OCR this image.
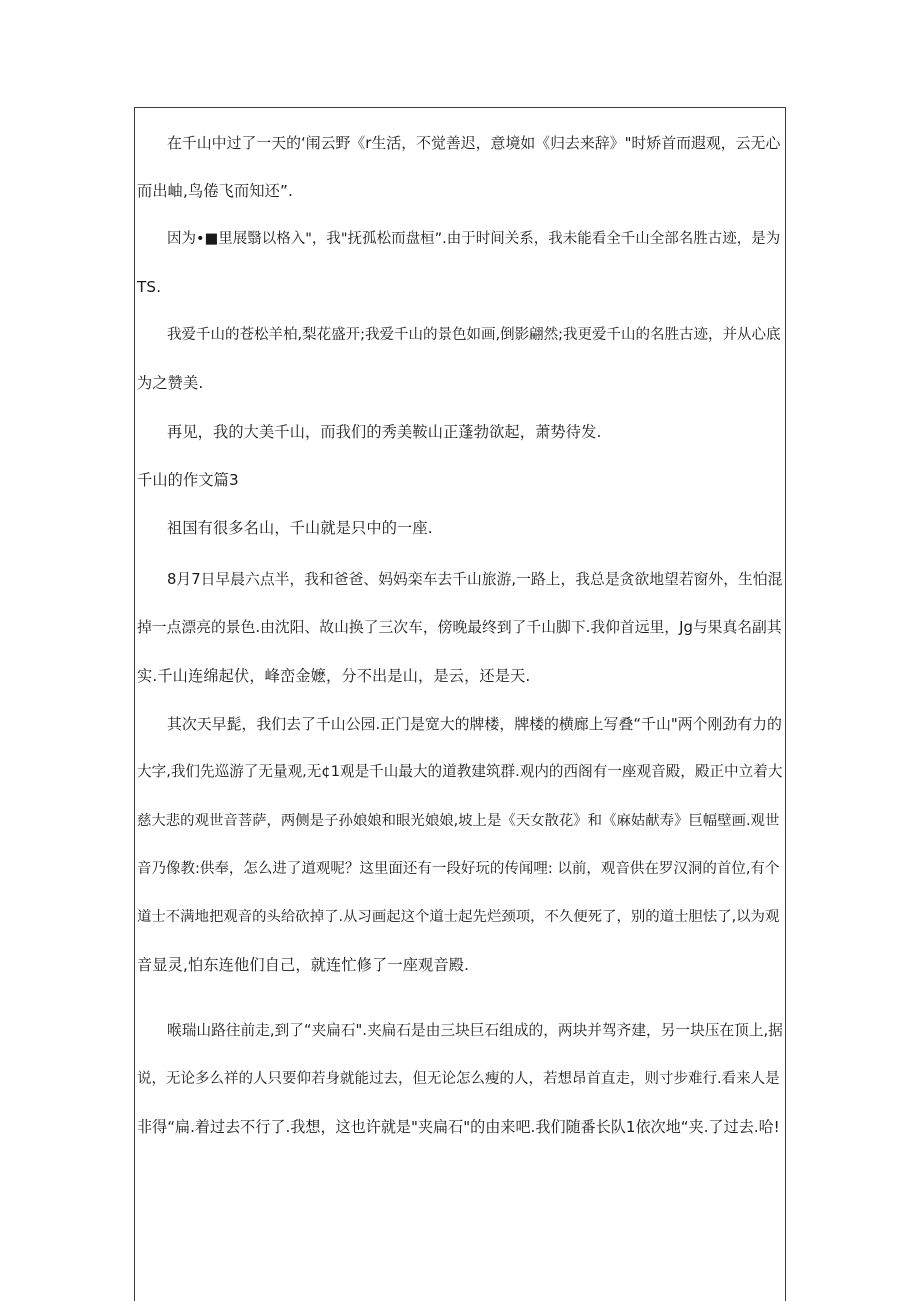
在千山中过了一天的‘闱云野《r生活，不觉善迟，意境如《归去来辞》"时矫首而遐观，云无心
而出岫,鸟倦飞而知还”.
因为•■里展翳以格入"，我"抚孤松而盘桓”.由于时间关系，我未能看全千山全部名胜古迹，是为
TS.
我爱千山的苍松羊柏,梨花盛开;我爱千山的景色如画,倒影翩然;我更爱千山的名胜古迹，并从心底
为之赞美.
再见，我的大美千山，而我们的秀美鞍山正蓬勃欲起，萧势待发.
千山的作文篇3
祖国有很多名山，千山就是只中的一座.
8月7日早晨六点半，我和爸爸、妈妈栾车去千山旅游,一路上，我总是贪欲地望若窗外，生怕混
掉一点漂亮的景色.由沈阳、故山换了三次车，傍晚最终到了千山脚下.我仰首远里，Jg与果真名副其
实.千山连绵起伏，峰峦金嬷，分不出是山，是云，还是天.
其次天早髭，我们去了千山公园.正门是宽大的牌楼，牌楼的横廊上写叠“千山"两个刚劲有力的
大字,我们先巡游了无量观,无¢1观是千山最大的道教建筑群.观内的西阁有一座观音殿，殿正中立着大
慈大悲的观世音菩萨，两侧是子孙娘娘和眼光娘娘,坡上是《天女散花》和《麻姑献寿》巨幅壁画.观世
音乃像教:供奉，怎么进了道观呢？这里面还有一段好玩的传闻哩: 以前，观音供在罗汉洞的首位,有个
道士不满地把观音的头给砍掉了.从习画起这个道士起先烂颈项，不久便死了，别的道士胆怯了,以为观
音显灵,怕东连他们自己，就连忙修了一座观音殿.
喉瑞山路往前走,到了“夹扁石".夹扁石是由三块巨石组成的，两块并驾齐建，另一块压在顶上,据
说，无论多么祥的人只要仰若身就能过去，但无论怎么瘦的人，若想昂首直走，则寸步难行.看来人是
非得“扁.着过去不行了.我想，这也许就是"夹扁石"的由来吧.我们随番长队1依次地“夹.了过去.哈!
